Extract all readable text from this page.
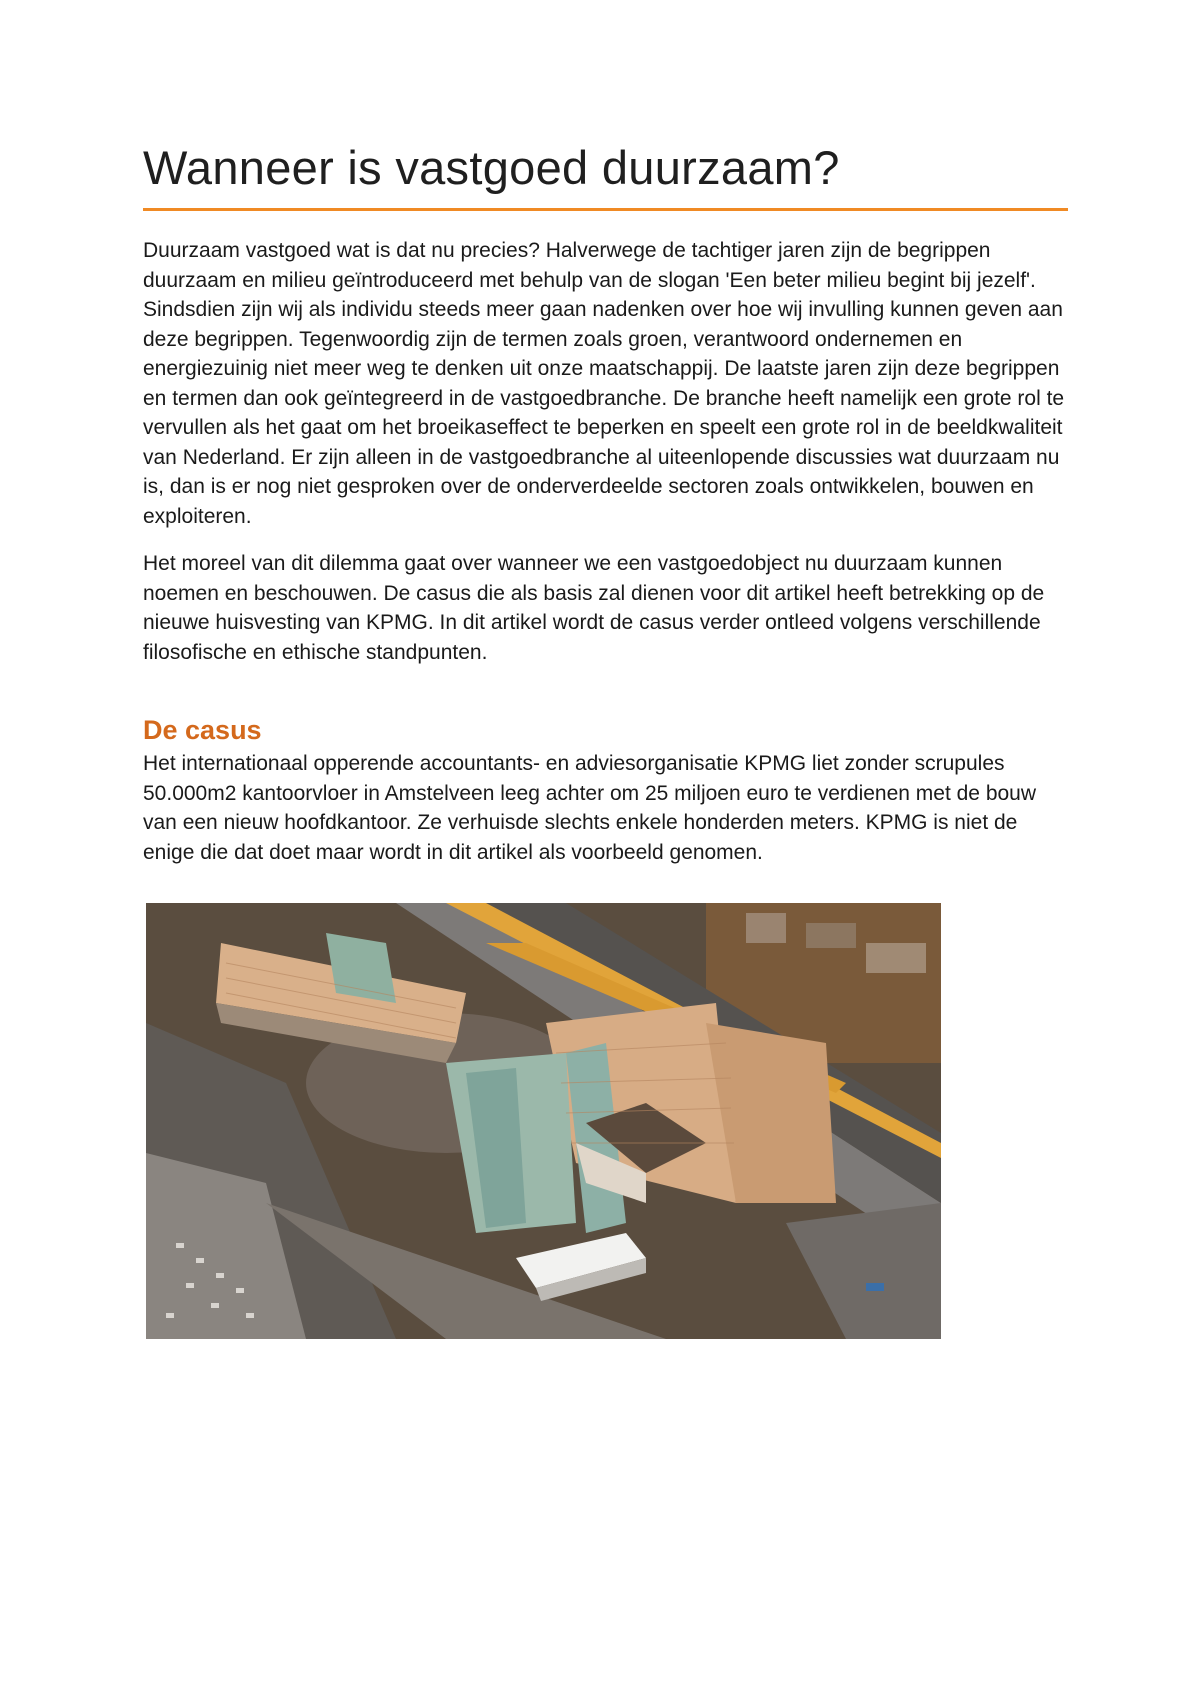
Wanneer is vastgoed duurzaam?

Duurzaam vastgoed wat is dat nu precies? Halverwege de tachtiger jaren zijn de begrippen duurzaam en milieu geïntroduceerd met behulp van de slogan 'Een beter milieu begint bij jezelf'. Sindsdien zijn wij als individu steeds meer gaan nadenken over hoe wij invulling kunnen geven aan deze begrippen. Tegenwoordig zijn de termen zoals groen, verantwoord ondernemen en energiezuinig niet meer weg te denken uit onze maatschappij. De laatste jaren zijn deze begrippen en termen dan ook geïntegreerd in de vastgoedbranche. De branche heeft namelijk een grote rol te vervullen als het gaat om het broeikaseffect te beperken en speelt een grote rol in de beeldkwaliteit van Nederland. Er zijn alleen in de vastgoedbranche al uiteenlopende discussies wat duurzaam nu is, dan is er nog niet gesproken over de onderverdeelde sectoren zoals ontwikkelen, bouwen en exploiteren.

Het moreel van dit dilemma gaat over wanneer we een vastgoedobject nu duurzaam kunnen noemen en beschouwen. De casus die als basis zal dienen voor dit artikel heeft betrekking op de nieuwe huisvesting van KPMG. In dit artikel wordt de casus verder ontleed volgens verschillende filosofische en ethische standpunten.

De casus

Het internationaal opperende accountants- en adviesorganisatie KPMG liet zonder scrupules 50.000m2 kantoorvloer in Amstelveen leeg achter om 25 miljoen euro te verdienen met de bouw van een nieuw hoofdkantoor. Ze verhuisde slechts enkele honderden meters. KPMG is niet de enige die dat doet maar wordt in dit artikel als voorbeeld genomen.
